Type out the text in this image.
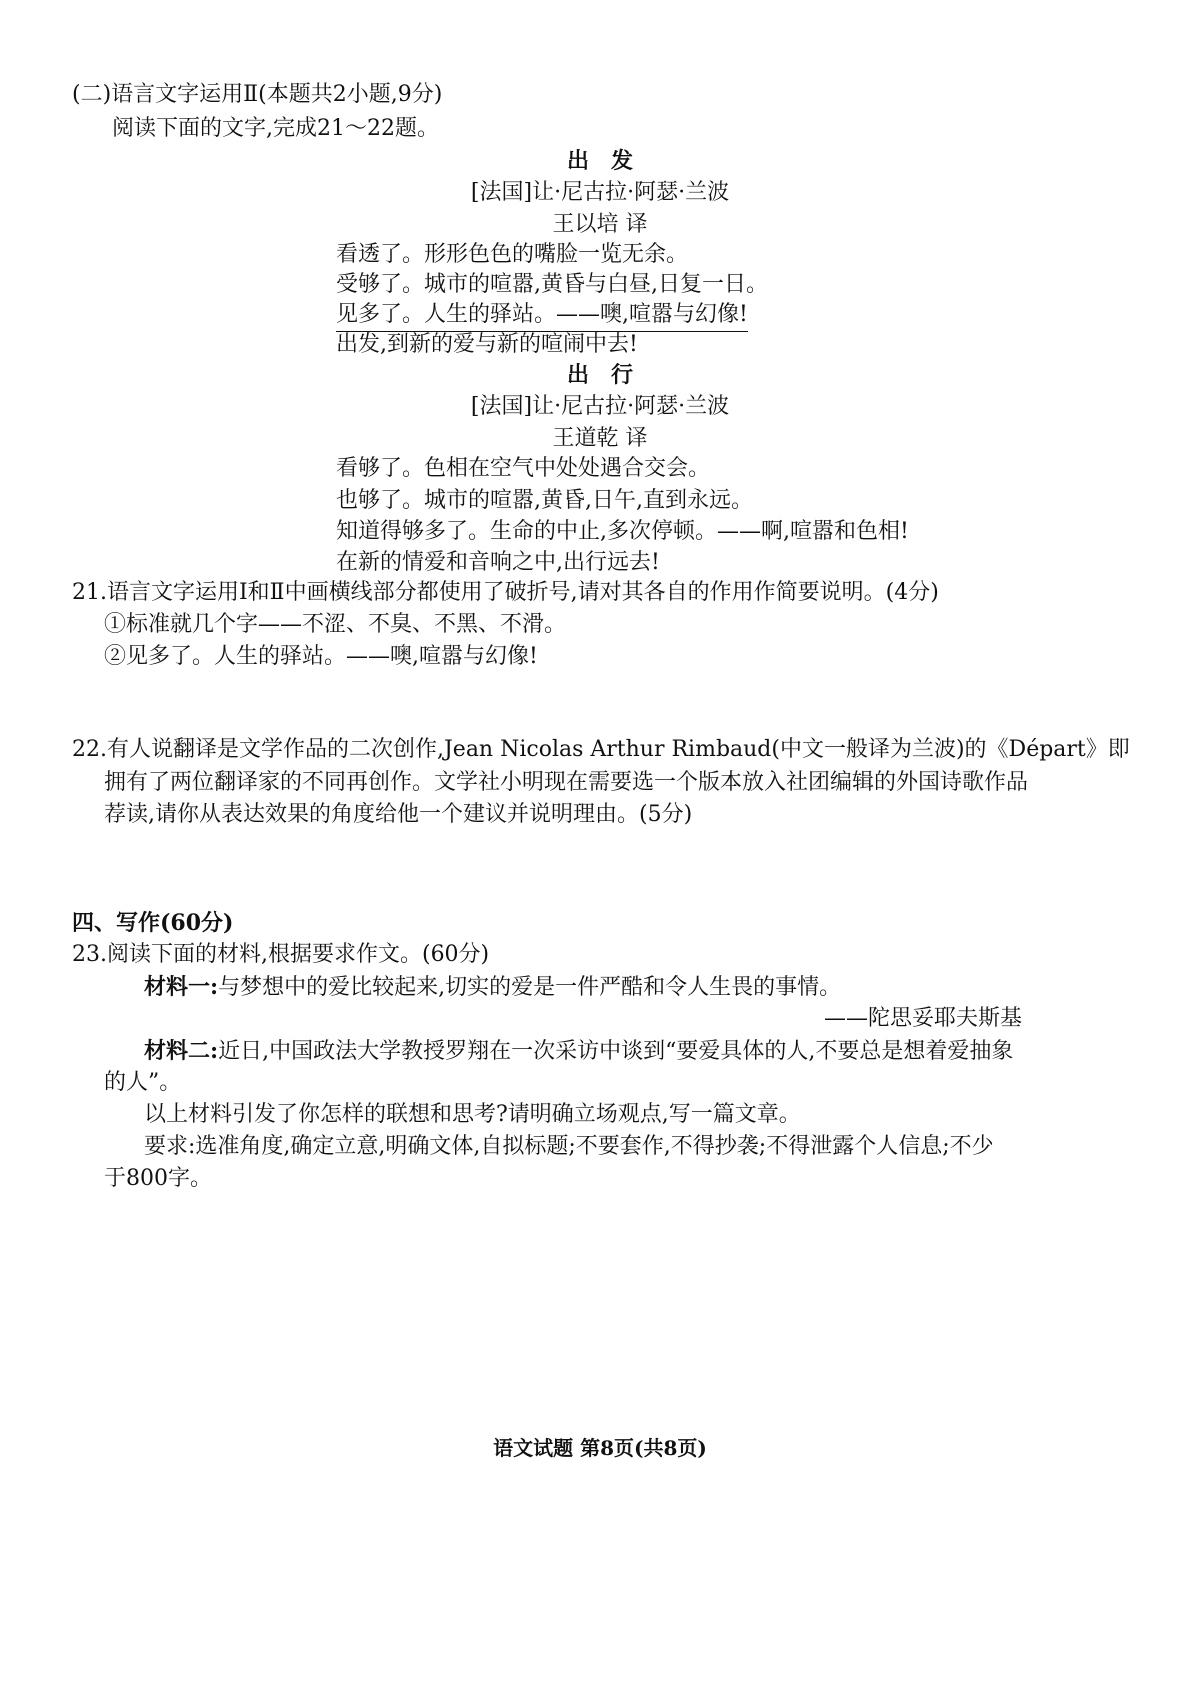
(二)语言文字运用Ⅱ(本题共2小题,9分)
阅读下面的文字,完成21～22题。
出　发
[法国]让·尼古拉·阿瑟·兰波
王以培 译
看透了。形形色色的嘴脸一览无余。
受够了。城市的喧嚣,黄昏与白昼,日复一日。
见多了。人生的驿站。——噢,喧嚣与幻像!
出发,到新的爱与新的喧闹中去!
出　行
[法国]让·尼古拉·阿瑟·兰波
王道乾 译
看够了。色相在空气中处处遇合交会。
也够了。城市的喧嚣,黄昏,日午,直到永远。
知道得够多了。生命的中止,多次停顿。——啊,喧嚣和色相!
在新的情爱和音响之中,出行远去!
21.语言文字运用Ⅰ和Ⅱ中画横线部分都使用了破折号,请对其各自的作用作简要说明。(4分)
①标准就几个字——不涩、不臭、不黑、不滑。
②见多了。人生的驿站。——噢,喧嚣与幻像!
22.有人说翻译是文学作品的二次创作,Jean Nicolas Arthur Rimbaud(中文一般译为兰波)的《Départ》即
拥有了两位翻译家的不同再创作。文学社小明现在需要选一个版本放入社团编辑的外国诗歌作品
荐读,请你从表达效果的角度给他一个建议并说明理由。(5分)
四、写作(60分)
23.阅读下面的材料,根据要求作文。(60分)
材料一:与梦想中的爱比较起来,切实的爱是一件严酷和令人生畏的事情。
——陀思妥耶夫斯基
材料二:近日,中国政法大学教授罗翔在一次采访中谈到“要爱具体的人,不要总是想着爱抽象
的人”。
以上材料引发了你怎样的联想和思考?请明确立场观点,写一篇文章。
要求:选准角度,确定立意,明确文体,自拟标题;不要套作,不得抄袭;不得泄露个人信息;不少
于800字。
语文试题 第8页(共8页)
